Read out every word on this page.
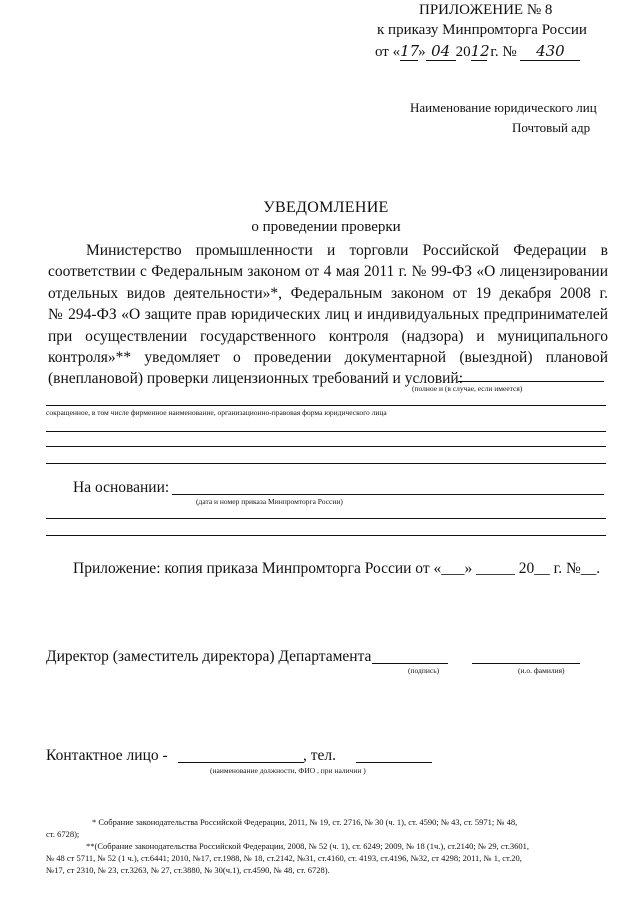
ПРИЛОЖЕНИЕ № 8
к приказу Минпромторга России
от «17» 04 2012 г. № 430
Наименование юридического лиц
Почтовый адр
УВЕДОМЛЕНИЕ
о проведении проверки
Министерство промышленности и торговли Российской Федерации в
соответствии с Федеральным законом от 4 мая 2011 г. № 99-ФЗ «О лицензировании
отдельных видов деятельности»*, Федеральным законом от 19 декабря 2008 г.
№ 294-ФЗ «О защите прав юридических лиц и индивидуальных предпринимателей
при осуществлении государственного контроля (надзора) и муниципального
контроля»** уведомляет о проведении документарной (выездной) плановой
(внеплановой) проверки лицензионных требований и условий:
(полное и (в случае, если имеется)
сокращенное, в том числе фирменное наименование, организационно-правовая форма юридического лица
На основании:
(дата и номер приказа Минпромторга России)
Приложение: копия приказа Минпромторга России от «___» _____ 20__ г. №__.
Директор (заместитель директора) Департамента
(подпись)	(и.о. фамилия)
Контактное лицо -	, тел.
(наименование должности, ФИО , при наличии )
* Собрание законодательства Российской Федерации, 2011, № 19, ст. 2716, № 30 (ч. 1), ст. 4590; № 43, ст. 5971; № 48,
ст. 6728);
**(Собрание законодательства Российской Федерации, 2008, № 52 (ч. 1), ст. 6249; 2009, № 18 (1ч.), ст.2140; № 29, ст.3601,
№ 48 ст 5711, № 52 (1 ч.), ст.6441; 2010, №17, ст.1988, № 18, ст.2142, №31, ст.4160, ст. 4193, ст.4196, №32, ст 4298; 2011, № 1, ст.20,
№17, ст 2310, № 23, ст.3263, № 27, ст.3880, № 30(ч.1), ст.4590, № 48, ст. 6728).
